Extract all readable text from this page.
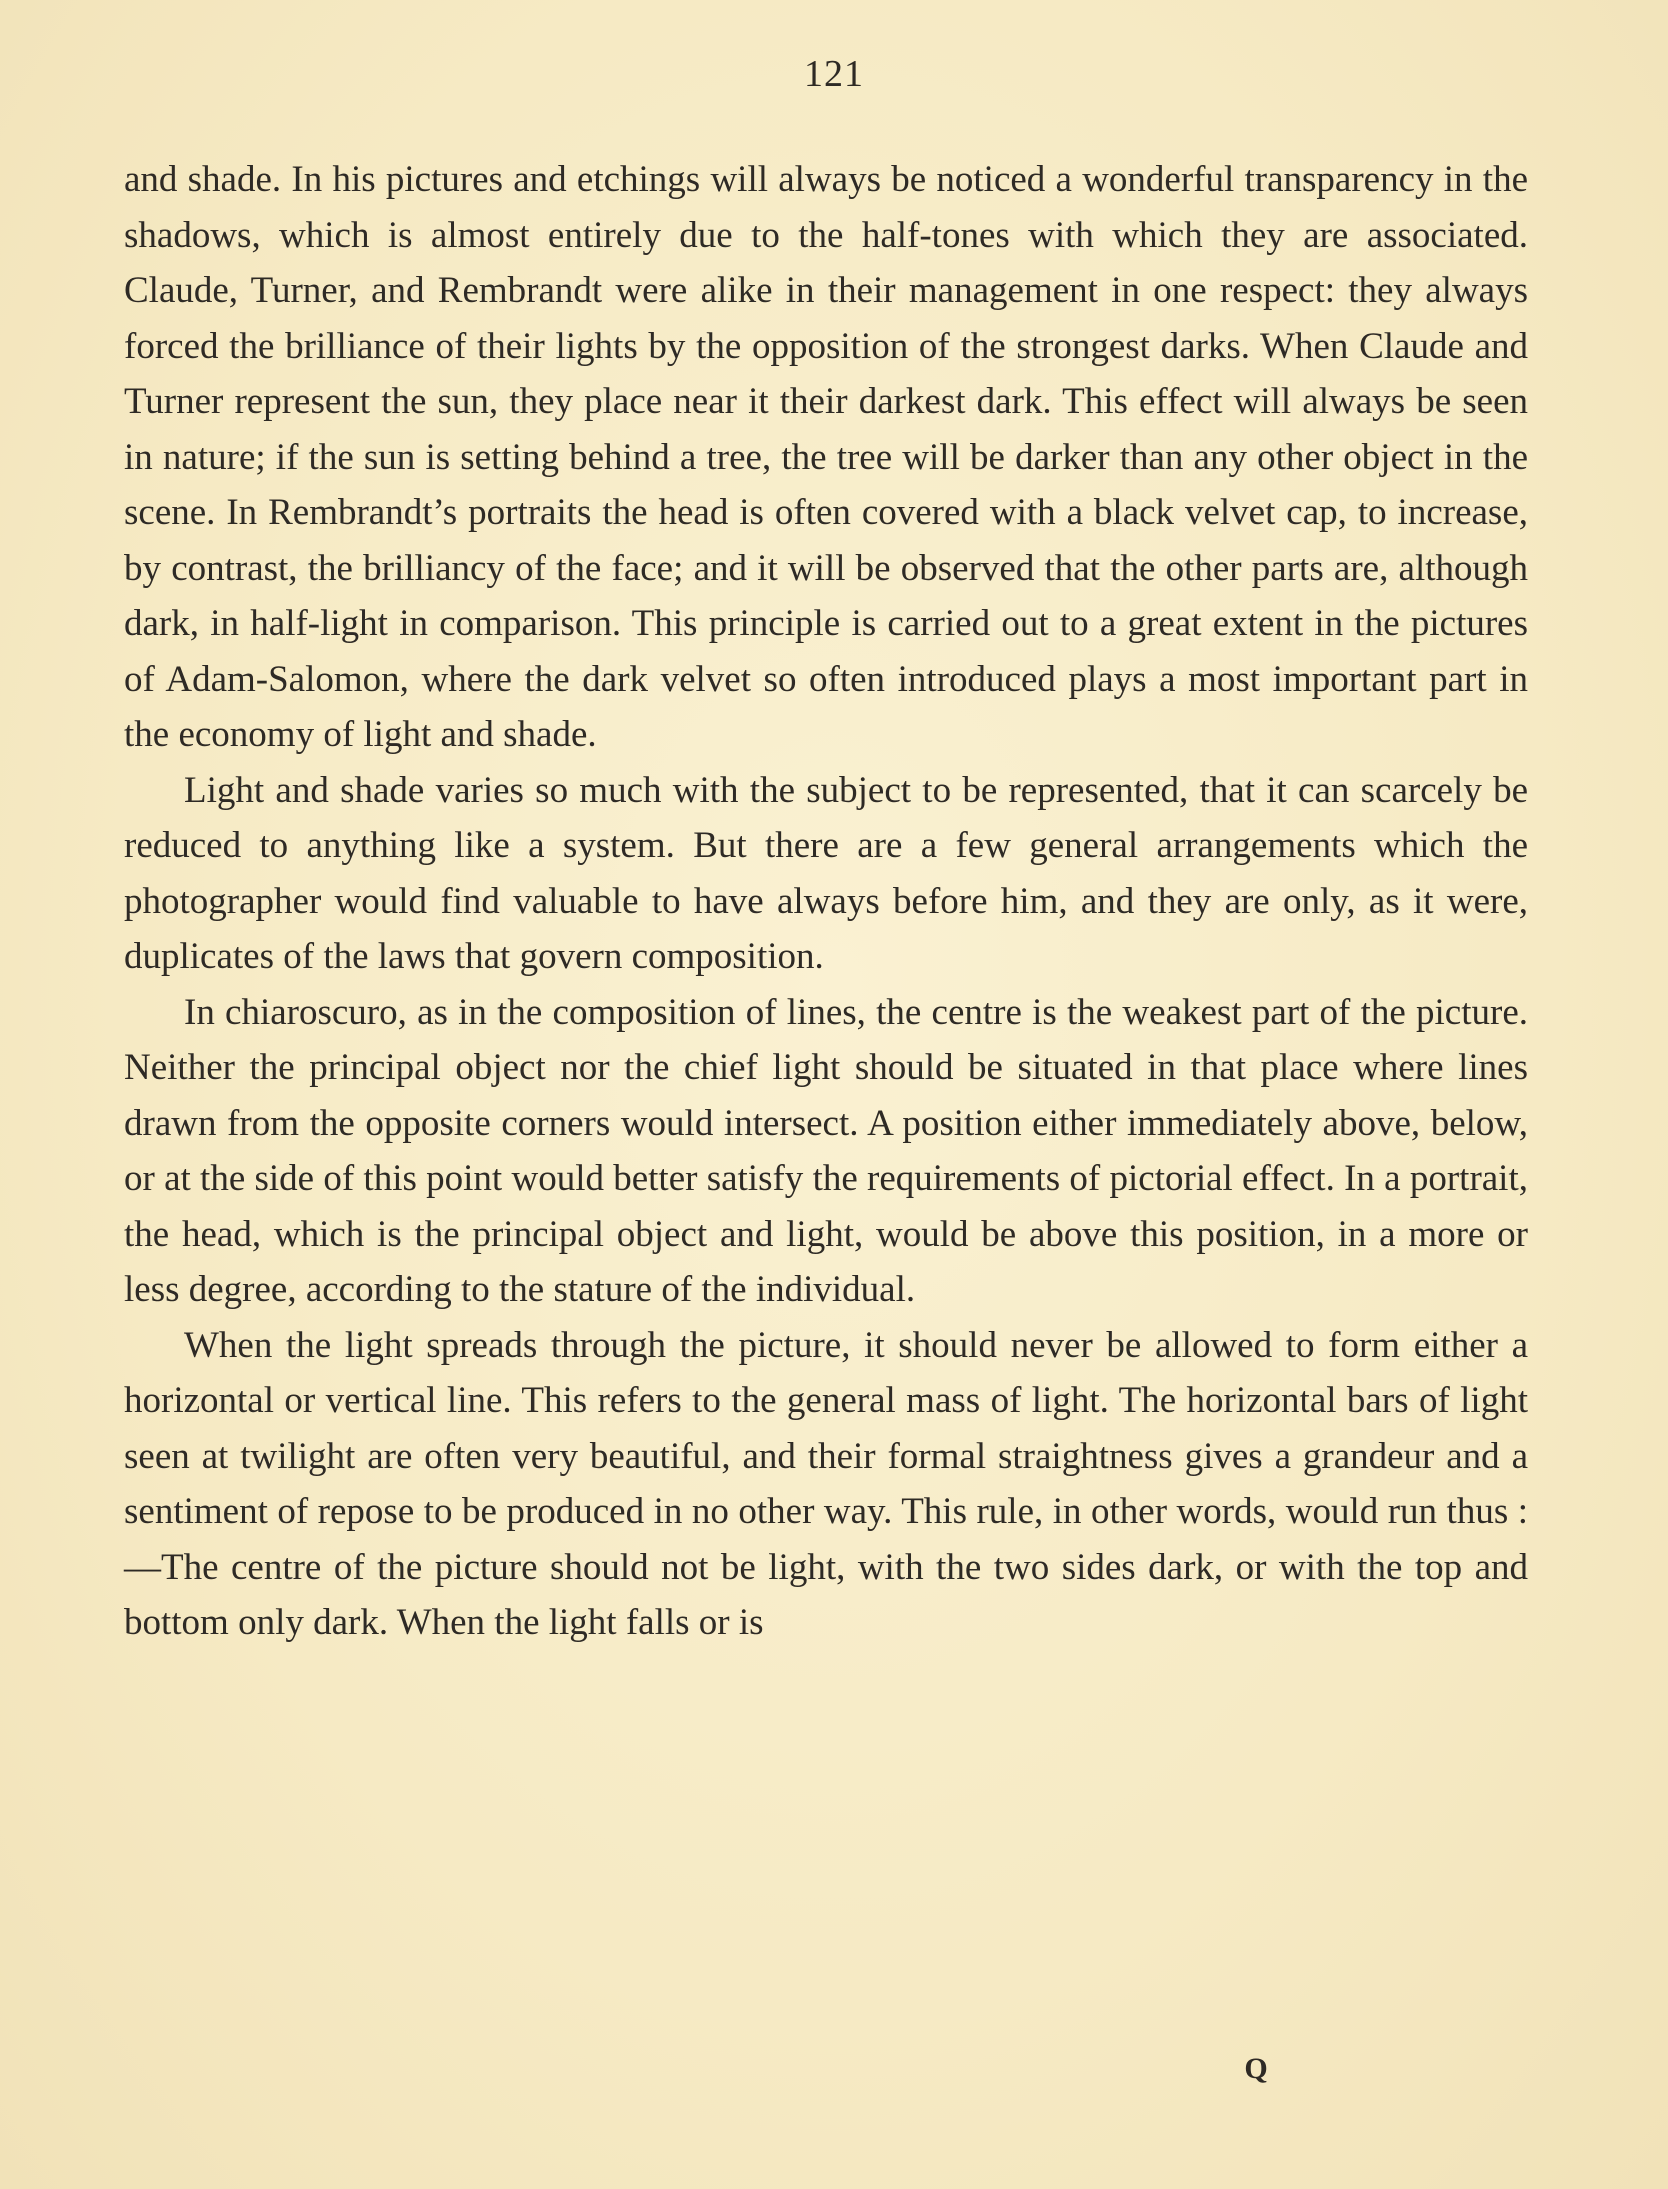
121

and shade. In his pictures and etchings will always be noticed a wonderful transparency in the shadows, which is almost entirely due to the half-tones with which they are associated. Claude, Turner, and Rembrandt were alike in their management in one respect: they always forced the brilliance of their lights by the opposition of the strongest darks. When Claude and Turner represent the sun, they place near it their darkest dark. This effect will always be seen in nature; if the sun is setting behind a tree, the tree will be darker than any other object in the scene. In Rembrandt’s portraits the head is often covered with a black velvet cap, to increase, by contrast, the brilliancy of the face; and it will be observed that the other parts are, although dark, in half-light in comparison. This principle is carried out to a great extent in the pictures of Adam-Salomon, where the dark velvet so often introduced plays a most important part in the economy of light and shade.

Light and shade varies so much with the subject to be represented, that it can scarcely be reduced to anything like a system. But there are a few general arrangements which the photographer would find valuable to have always before him, and they are only, as it were, duplicates of the laws that govern composition.

In chiaroscuro, as in the composition of lines, the centre is the weakest part of the picture. Neither the principal object nor the chief light should be situated in that place where lines drawn from the opposite corners would intersect. A position either immediately above, below, or at the side of this point would better satisfy the requirements of pictorial effect. In a portrait, the head, which is the principal object and light, would be above this position, in a more or less degree, according to the stature of the individual.

When the light spreads through the picture, it should never be allowed to form either a horizontal or vertical line. This refers to the general mass of light. The horizontal bars of light seen at twilight are often very beautiful, and their formal straightness gives a grandeur and a sentiment of repose to be produced in no other way. This rule, in other words, would run thus :—The centre of the picture should not be light, with the two sides dark, or with the top and bottom only dark. When the light falls or is

Q
